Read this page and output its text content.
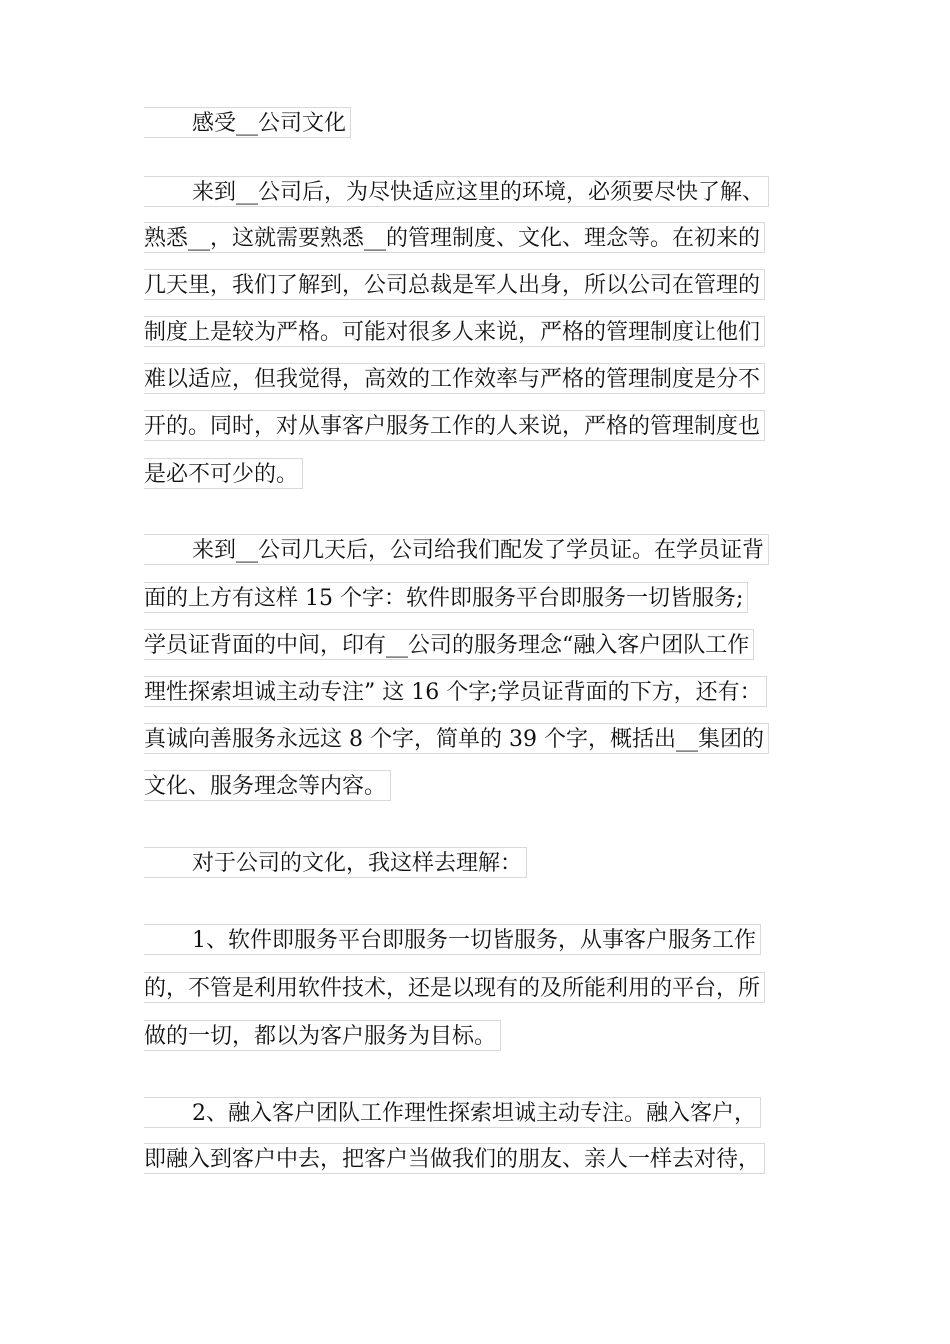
感受__公司文化
来到__公司后，为尽快适应这里的环境，必须要尽快了解、
熟悉__，这就需要熟悉__的管理制度、文化、理念等。在初来的
几天里，我们了解到，公司总裁是军人出身，所以公司在管理的
制度上是较为严格。可能对很多人来说，严格的管理制度让他们
难以适应，但我觉得，高效的工作效率与严格的管理制度是分不
开的。同时，对从事客户服务工作的人来说，严格的管理制度也
是必不可少的。
来到__公司几天后，公司给我们配发了学员证。在学员证背
面的上方有这样 15 个字：软件即服务平台即服务一切皆服务;
学员证背面的中间，印有__公司的服务理念“融入客户团队工作
理性探索坦诚主动专注” 这 16 个字;学员证背面的下方，还有：
真诚向善服务永远这 8 个字，简单的 39 个字，概括出__集团的
文化、服务理念等内容。
对于公司的文化，我这样去理解：
1、软件即服务平台即服务一切皆服务，从事客户服务工作
的，不管是利用软件技术，还是以现有的及所能利用的平台，所
做的一切，都以为客户服务为目标。
2、融入客户团队工作理性探索坦诚主动专注。融入客户，
即融入到客户中去，把客户当做我们的朋友、亲人一样去对待，
